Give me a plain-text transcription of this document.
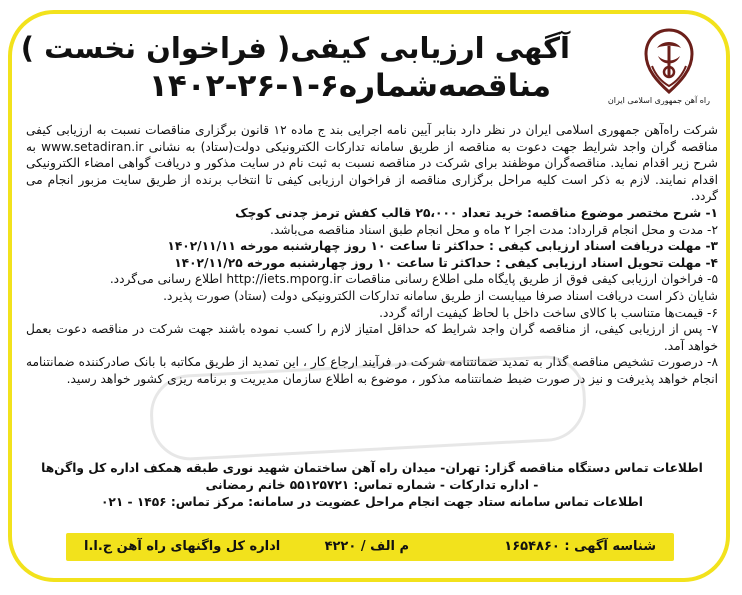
آگهی ارزیابی کیفی( فراخوان نخست )
مناقصه‌شماره‌۶-۱-۲۶-۱۴۰۲	راه آهن جمهوری اسلامی ایران

شرکت راه‌آهن جمهوری اسلامی ایران در نظر دارد بنابر آیین نامه اجرایی بند ج ماده ۱۲ قانون برگزاری مناقصات نسبت به ارزیابی کیفی مناقصه گران واجد شرایط جهت دعوت به مناقصه از طریق سامانه تدارکات الکترونیکی دولت(ستاد) به نشانی www.setadiran.ir به شرح زیر اقدام نماید. مناقصه‌گران موظفند برای شرکت در مناقصه نسبت به ثبت نام در سایت مذکور و دریافت گواهی امضاء الکترونیکی اقدام نمایند. لازم به ذکر است کلیه مراحل برگزاری مناقصه از فراخوان ارزیابی کیفی تا انتخاب برنده از طریق سایت مزبور انجام می گردد.

۱- شرح مختصر موضوع مناقصه: خرید تعداد ۲۵،۰۰۰ قالب کفش ترمز چدنی کوچک

۲- مدت و محل انجام قرارداد: مدت اجرا ۲ ماه و محل انجام طبق اسناد مناقصه می‌باشد.

۳- مهلت دریافت اسناد ارزیابی کیفی : حداکثر تا ساعت ۱۰ روز چهارشنبه مورخه ۱۴۰۲/۱۱/۱۱

۴- مهلت تحویل اسناد ارزیابی کیفی : حداکثر تا ساعت ۱۰ روز چهارشنبه مورخه ۱۴۰۲/۱۱/۲۵

۵- فراخوان ارزیابی کیفی فوق از طریق پایگاه ملی اطلاع رسانی مناقصات http://iets.mporg.ir اطلاع رسانی می‌گردد.

شایان ذکر است دریافت اسناد صرفا میبایست از طریق سامانه تدارکات الکترونیکی دولت (ستاد) صورت پذیرد.

۶- قیمت‌ها متناسب با کالای ساخت داخل با لحاظ کیفیت ارائه گردد.

۷- پس از ارزیابی کیفی، از مناقصه گران واجد شرایط که حداقل امتیاز لازم را کسب نموده باشند جهت شرکت در مناقصه دعوت بعمل خواهد آمد.

۸- درصورت تشخیص مناقصه گذار به تمدید ضمانتنامه شرکت در فرآیند ارجاع کار ، این تمدید از طریق مکاتبه با بانک صادرکننده ضمانتنامه انجام خواهد پذیرفت و نیز در صورت ضبط ضمانتنامه مذکور ، موضوع به اطلاع سازمان مدیریت و برنامه ریزی کشور خواهد رسید.

اطلاعات تماس دستگاه مناقصه گزار: تهران- میدان راه آهن ساختمان شهید نوری طبقه همکف اداره کل واگن‌ها

- اداره تدارکات - شماره تماس: ۵۵۱۲۵۷۲۱ خانم رمضانی

اطلاعات تماس سامانه ستاد جهت انجام مراحل عضویت در سامانه: مرکز تماس: ۱۴۵۶ - ۰۲۱

شناسه آگهی : ۱۶۵۴۸۶۰
م الف / ۴۲۲۰
اداره کل واگنهای راه آهن ج.ا.ا
